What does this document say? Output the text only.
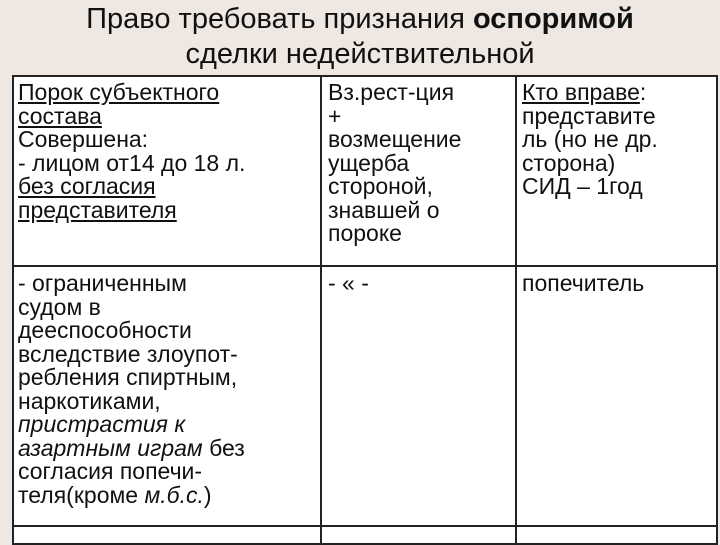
Право требовать признания оспоримой
сделки недействительной
Порок субъектного
состава
Совершена:
- лицом от14 до 18 л.
без согласия
представителя
Вз.рест-ция
+
возмещение
ущерба
стороной,
знавшей о
пороке
Кто вправе:
представите
ль (но не др.
сторона)
СИД – 1год
- ограниченным
судом в
дееспособности
вследствие злоупот-
ребления спиртным,
наркотиками,
пристрастия к
азартным играм без
согласия попечи-
теля(кроме м.б.с.)
- « -	попечитель
